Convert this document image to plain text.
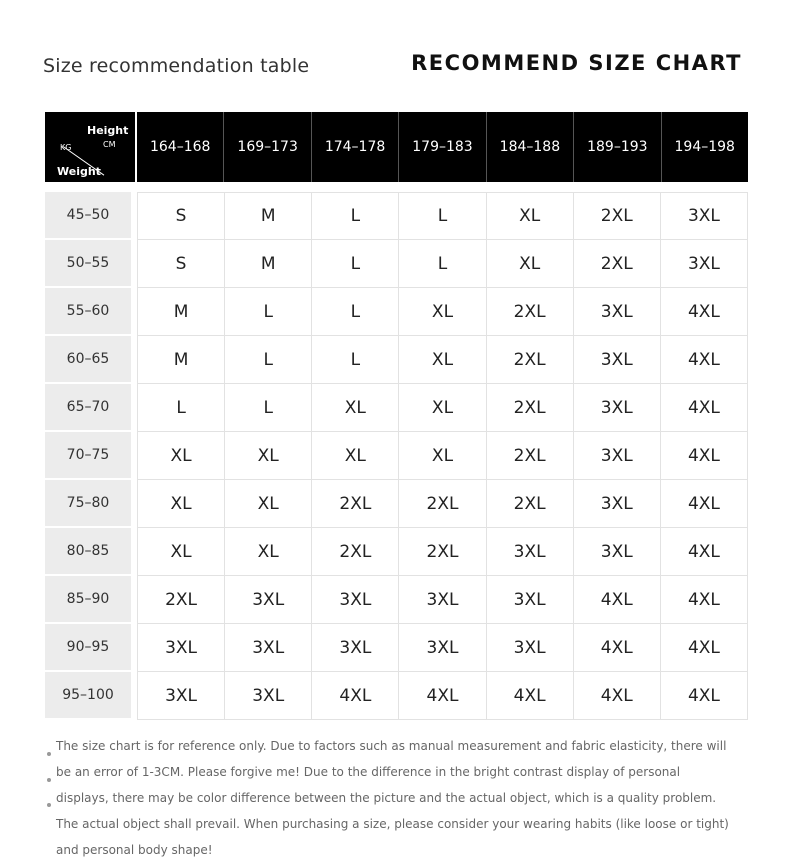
Size recommendation table	RECOMMEND SIZE CHART
Height
CM
KG
Weight
164–168	169–173	174–178	179–183	184–188	189–193	194–198
45–50	S	M	L	L	XL	2XL	3XL
50–55	S	M	L	L	XL	2XL	3XL
55–60	M	L	L	XL	2XL	3XL	4XL
60–65	M	L	L	XL	2XL	3XL	4XL
65–70	L	L	XL	XL	2XL	3XL	4XL
70–75	XL	XL	XL	XL	2XL	3XL	4XL
75–80	XL	XL	2XL	2XL	2XL	3XL	4XL
80–85	XL	XL	2XL	2XL	3XL	3XL	4XL
85–90	2XL	3XL	3XL	3XL	3XL	4XL	4XL
90–95	3XL	3XL	3XL	3XL	3XL	4XL	4XL
95–100	3XL	3XL	4XL	4XL	4XL	4XL	4XL
The size chart is for reference only. Due to factors such as manual measurement and fabric elasticity, there will be an error of 1-3CM. Please forgive me! Due to the difference in the bright contrast display of personal displays, there may be color difference between the picture and the actual object, which is a quality problem. The actual object shall prevail. When purchasing a size, please consider your wearing habits (like loose or tight) and personal body shape!
